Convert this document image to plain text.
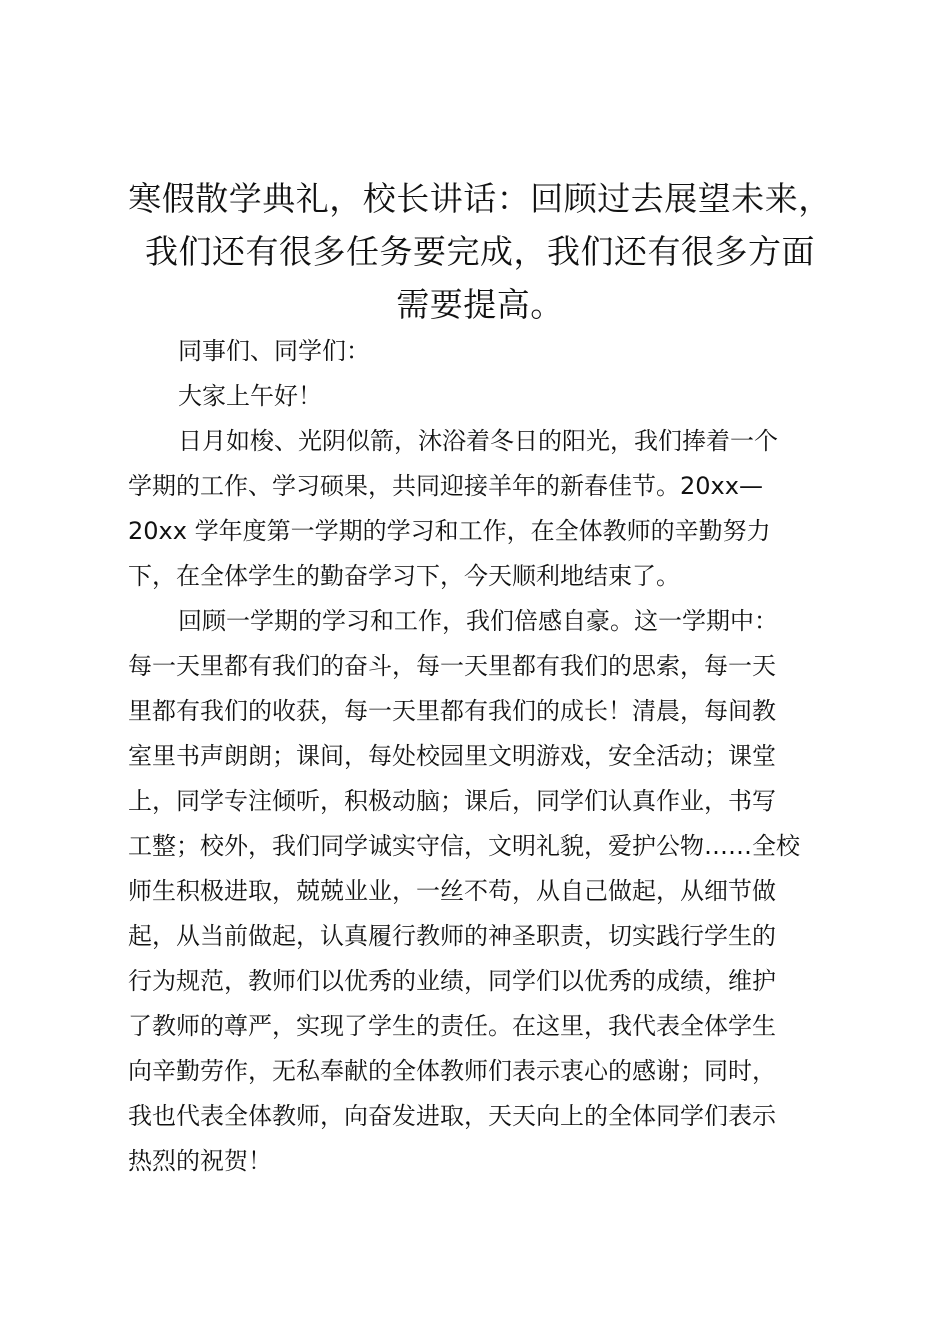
寒假散学典礼，校长讲话：回顾过去展望未来，
我们还有很多任务要完成，我们还有很多方面
需要提高。

同事们、同学们：

大家上午好！

日月如梭、光阴似箭，沐浴着冬日的阳光，我们捧着一个
学期的工作、学习硕果，共同迎接羊年的新春佳节。20xx—
20xx 学年度第一学期的学习和工作，在全体教师的辛勤努力
下，在全体学生的勤奋学习下，今天顺利地结束了。

回顾一学期的学习和工作，我们倍感自豪。这一学期中：
每一天里都有我们的奋斗，每一天里都有我们的思索，每一天
里都有我们的收获，每一天里都有我们的成长！清晨，每间教
室里书声朗朗；课间，每处校园里文明游戏，安全活动；课堂
上，同学专注倾听，积极动脑；课后，同学们认真作业，书写
工整；校外，我们同学诚实守信，文明礼貌，爱护公物……全校
师生积极进取，兢兢业业，一丝不苟，从自己做起，从细节做
起，从当前做起，认真履行教师的神圣职责，切实践行学生的
行为规范，教师们以优秀的业绩，同学们以优秀的成绩，维护
了教师的尊严，实现了学生的责任。在这里，我代表全体学生
向辛勤劳作，无私奉献的全体教师们表示衷心的感谢；同时，
我也代表全体教师，向奋发进取，天天向上的全体同学们表示
热烈的祝贺！
